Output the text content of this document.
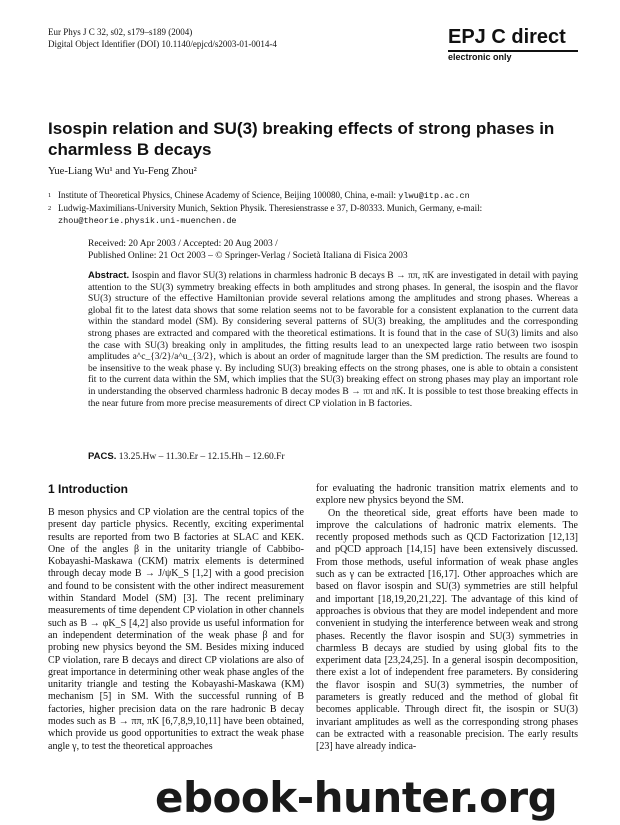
Eur Phys J C 32, s02, s179–s189 (2004)
Digital Object Identifier (DOI) 10.1140/epjcd/s2003-01-0014-4	EPJ C direct
electronic only
Isospin relation and SU(3) breaking effects of strong phases in charmless B decays
Yue-Liang Wu¹ and Yu-Feng Zhou²
1 Institute of Theoretical Physics, Chinese Academy of Science, Beijing 100080, China, e-mail: ylwu@itp.ac.cn
2 Ludwig-Maximilians-University Munich, Sektion Physik. Theresienstrasse e 37, D-80333. Munich, Germany, e-mail: zhou@theorie.physik.uni-muenchen.de
Received: 20 Apr 2003 / Accepted: 20 Aug 2003 /
Published Online: 21 Oct 2003 – © Springer-Verlag / Società Italiana di Fisica 2003
Abstract. Isospin and flavor SU(3) relations in charmless hadronic B decays B → ππ, πK are investigated in detail with paying attention to the SU(3) symmetry breaking effects in both amplitudes and strong phases. In general, the isospin and the flavor SU(3) structure of the effective Hamiltonian provide several relations among the amplitudes and strong phases. Whereas a global fit to the latest data shows that some relation seems not to be favorable for a consistent explanation to the current data within the standard model (SM). By considering several patterns of SU(3) breaking, the amplitudes and the corresponding strong phases are extracted and compared with the theoretical estimations. It is found that in the case of SU(3) limits and also the case with SU(3) breaking only in amplitudes, the fitting results lead to an unexpected large ratio between two isospin amplitudes a^c_{3/2}/a^u_{3/2}, which is about an order of magnitude larger than the SM prediction. The results are found to be insensitive to the weak phase γ. By including SU(3) breaking effects on the strong phases, one is able to obtain a consistent fit to the current data within the SM, which implies that the SU(3) breaking effect on strong phases may play an important role in understanding the observed charmless hadronic B decay modes B → ππ and πK. It is possible to test those breaking effects in the near future from more precise measurements of direct CP violation in B factories.
PACS. 13.25.Hw – 11.30.Er – 12.15.Hh – 12.60.Fr
1 Introduction

B meson physics and CP violation are the central topics of the present day particle physics. Recently, exciting experimental results are reported from two B factories at SLAC and KEK. One of the angles β in the unitarity triangle of Cabbibo-Kobayashi-Maskawa (CKM) matrix elements is determined through decay mode B → J/ψK_S [1,2] with a good precision and found to be consistent with the other indirect measurement within Standard Model (SM) [3]. The recent preliminary measurements of time dependent CP violation in other channels such as B → φK_S [4,2] also provide us useful information for an independent determination of the weak phase β and for probing new physics beyond the SM. Besides mixing induced CP violation, rare B decays and direct CP violations are also of great importance in determining other weak phase angles of the unitarity triangle and testing the Kobayashi-Maskawa (KM) mechanism [5] in SM. With the successful running of B factories, higher precision data on the rare hadronic B decay modes such as B → ππ, πK [6,7,8,9,10,11] have been obtained, which provide us good opportunities to extract the weak phase angle γ, to test the theoretical approaches

for evaluating the hadronic transition matrix elements and to explore new physics beyond the SM.

On the theoretical side, great efforts have been made to improve the calculations of hadronic matrix elements. The recently proposed methods such as QCD Factorization [12,13] and pQCD approach [14,15] have been extensively discussed. From those methods, useful information of weak phase angles such as γ can be extracted [16,17]. Other approaches which are based on flavor isospin and SU(3) symmetries are still helpful and important [18,19,20,21,22]. The advantage of this kind of approaches is obvious that they are model independent and more convenient in studying the interference between weak and strong phases. Recently the flavor isospin and SU(3) symmetries in charmless B decays are studied by using global fits to the experiment data [23,24,25]. In a general isospin decomposition, there exist a lot of independent free parameters. By considering the flavor isospin and SU(3) symmetries, the number of parameters is greatly reduced and the method of global fit becomes applicable. Through direct fit, the isospin or SU(3) invariant amplitudes as well as the corresponding strong phases can be extracted with a reasonable precision. The early results [23] have already indica-

ebook-hunter.org
